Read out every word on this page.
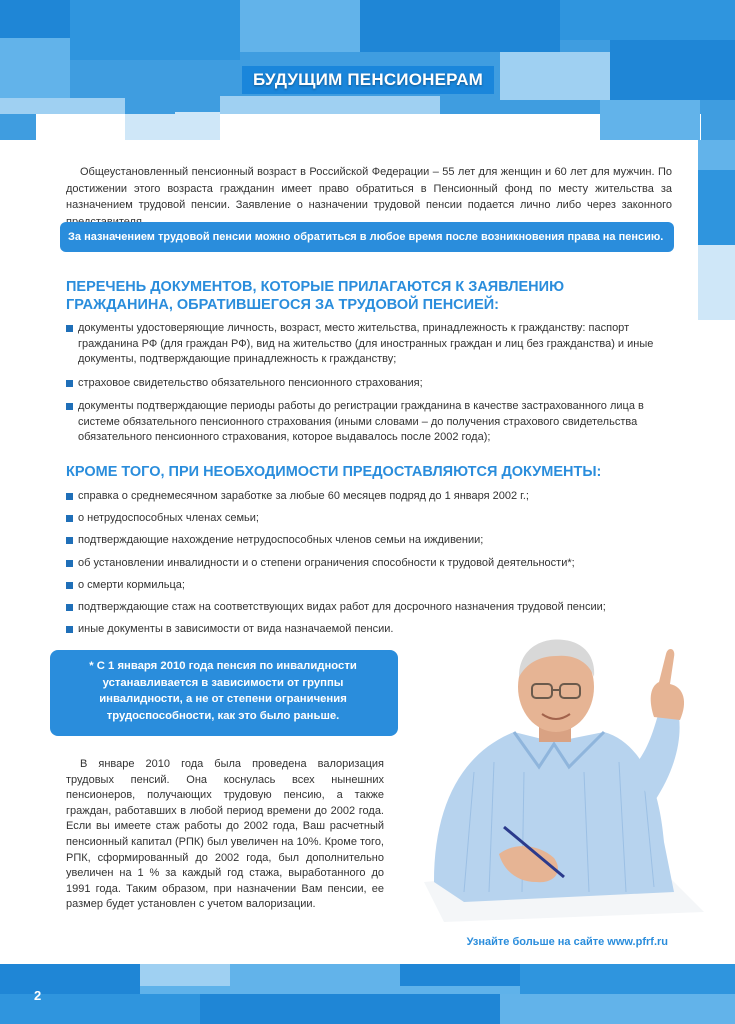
БУДУЩИМ ПЕНСИОНЕРАМ

Общеустановленный пенсионный возраст в Российской Федерации – 55 лет для женщин и 60 лет для мужчин. По достижении этого возраста гражданин имеет право обратиться в Пенсионный фонд по месту жительства за назначением трудовой пенсии. Заявление о назначении трудовой пенсии подается лично либо через законного

За назначением трудовой пенсии можно обратиться в любое время после возникновения права на пенсию.
ПЕРЕЧЕНЬ ДОКУМЕНТОВ, КОТОРЫЕ ПРИЛАГАЮТСЯ К ЗАЯВЛЕНИЮ ГРАЖДАНИНА, ОБРАТИВШЕГОСЯ ЗА ТРУДОВОЙ ПЕНСИЕЙ:
документы удостоверяющие личность, возраст, место жительства, принадлежность к гражданству: паспорт гражданина РФ (для граждан РФ), вид на жительство (для иностранных граждан и лиц без гражданства) и иные документы, подтверждающие принадлежность к гражданству;
страховое свидетельство обязательного пенсионного страхования;
документы подтверждающие периоды работы до регистрации гражданина в качестве застрахованного лица в системе обязательного пенсионного страхования (иными словами – до получения страхового свидетельства обязательного пенсионного страхования, которое выдавалось после 2002 года);
КРОМЕ ТОГО, ПРИ НЕОБХОДИМОСТИ ПРЕДОСТАВЛЯЮТСЯ ДОКУМЕНТЫ:
справка о среднемесячном заработке за любые 60 месяцев подряд до 1 января 2002 г.;
о нетрудоспособных членах семьи;
подтверждающие нахождение нетрудоспособных членов семьи на иждивении;
об установлении инвалидности и о степени ограничения способности к трудовой деятельности*;
о смерти кормильца;
подтверждающие стаж на соответствующих видах работ для досрочного назначения трудовой пенсии;
иные документы в зависимости от вида назначаемой пенсии.
* С 1 января 2010 года пенсия по инвалидности устанавливается в зависимости от группы инвалидности, а не от степени ограничения трудоспособности, как это было раньше.

В январе 2010 года была проведена валоризация трудовых пенсий. Она коснулась всех нынешних пенсионеров, получающих трудовую пенсию, а также граждан, работавших в любой период времени до 2002 года. Если вы имеете стаж работы до 2002 года, Ваш расчетный пенсионный капитал (РПК) был увеличен на 10%. Кроме того, РПК, сформированный до 2002 года, был дополнительно увеличен на 1 % за каждый год стажа, выработанного до 1991 года. Таким образом, при назначении Вам пенсии, ее размер будет установлен с учетом валоризации.

Узнайте больше на сайте www.pfrf.ru
2
